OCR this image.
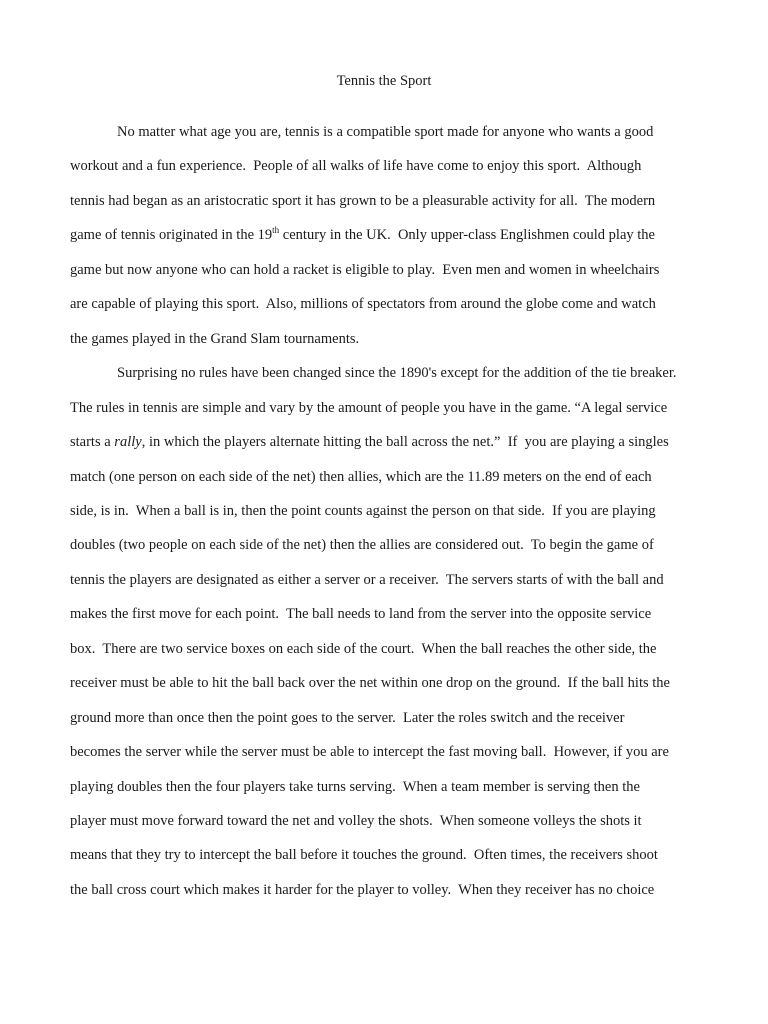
Tennis the Sport
No matter what age you are, tennis is a compatible sport made for anyone who wants a good
workout and a fun experience.  People of all walks of life have come to enjoy this sport.  Although
tennis had began as an aristocratic sport it has grown to be a pleasurable activity for all.  The modern
game of tennis originated in the 19th century in the UK.  Only upper-class Englishmen could play the
game but now anyone who can hold a racket is eligible to play.  Even men and women in wheelchairs
are capable of playing this sport.  Also, millions of spectators from around the globe come and watch
the games played in the Grand Slam tournaments.
Surprising no rules have been changed since the 1890's except for the addition of the tie breaker.
The rules in tennis are simple and vary by the amount of people you have in the game. “A legal service
starts a rally, in which the players alternate hitting the ball across the net.”  If  you are playing a singles
match (one person on each side of the net) then allies, which are the 11.89 meters on the end of each
side, is in.  When a ball is in, then the point counts against the person on that side.  If you are playing
doubles (two people on each side of the net) then the allies are considered out.  To begin the game of
tennis the players are designated as either a server or a receiver.  The servers starts of with the ball and
makes the first move for each point.  The ball needs to land from the server into the opposite service
box.  There are two service boxes on each side of the court.  When the ball reaches the other side, the
receiver must be able to hit the ball back over the net within one drop on the ground.  If the ball hits the
ground more than once then the point goes to the server.  Later the roles switch and the receiver
becomes the server while the server must be able to intercept the fast moving ball.  However, if you are
playing doubles then the four players take turns serving.  When a team member is serving then the
player must move forward toward the net and volley the shots.  When someone volleys the shots it
means that they try to intercept the ball before it touches the ground.  Often times, the receivers shoot
the ball cross court which makes it harder for the player to volley.  When they receiver has no choice
